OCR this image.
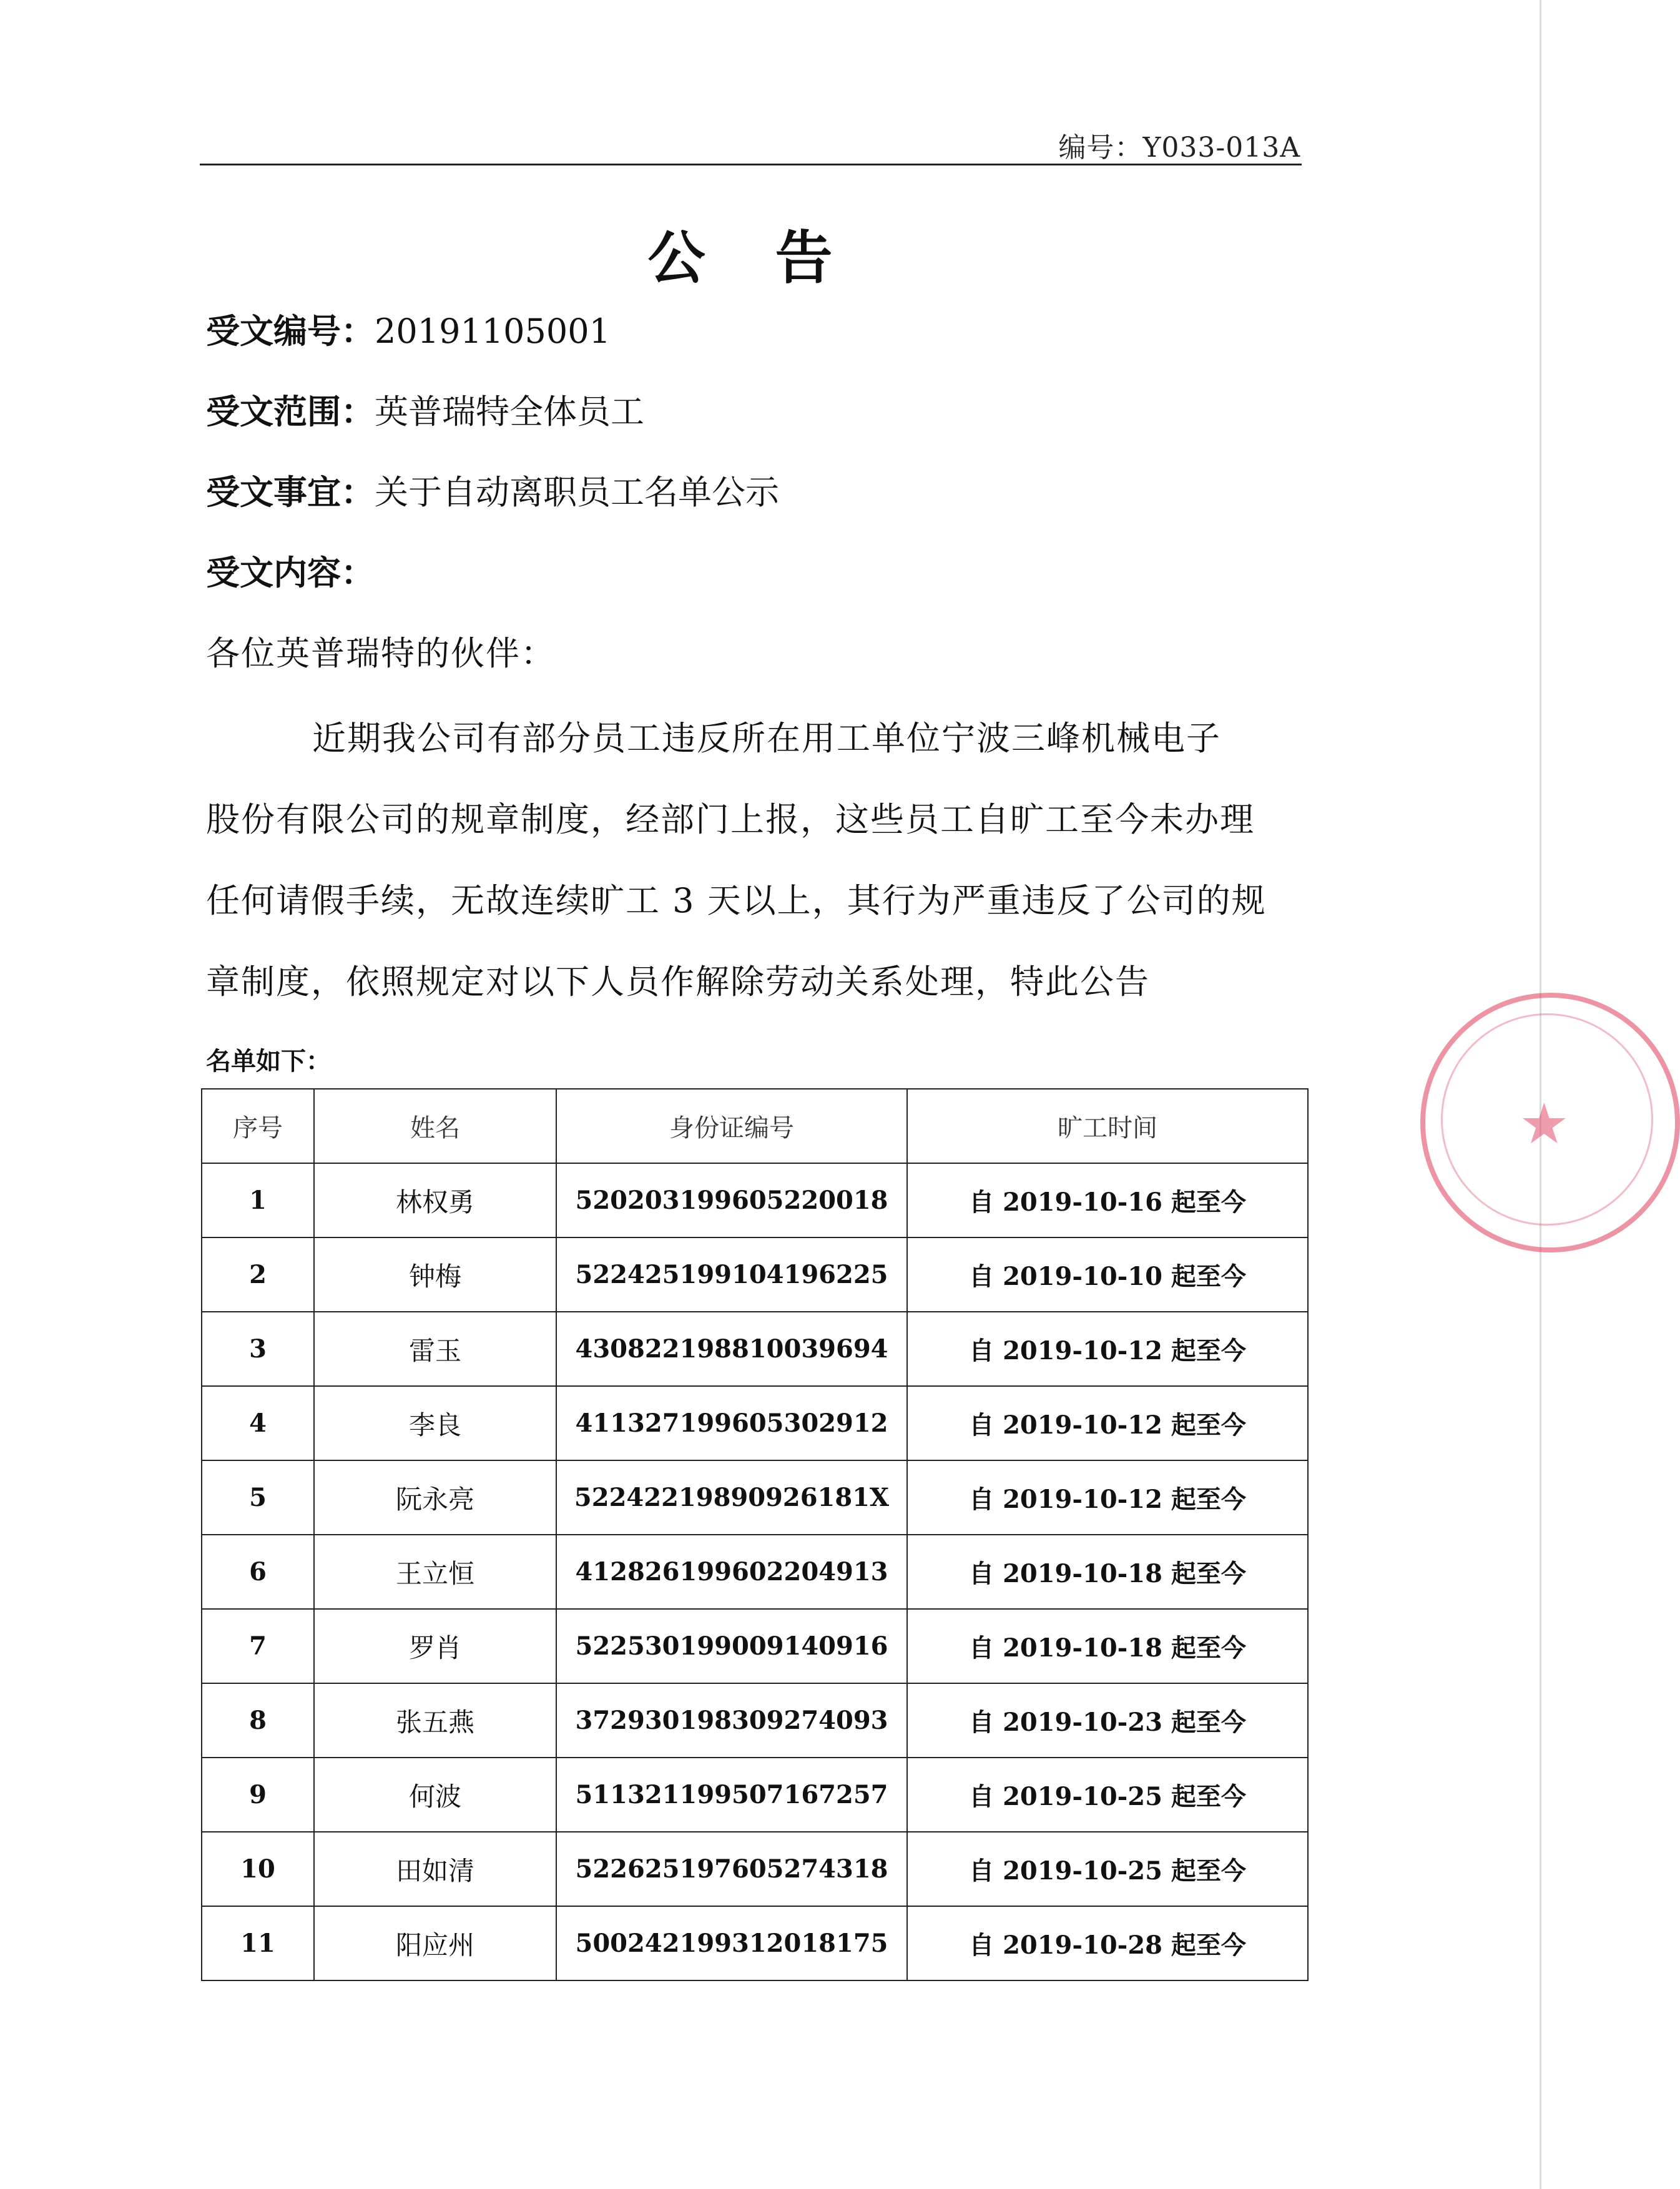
编号：Y033-013A
公 告
受文编号：20191105001
受文范围：英普瑞特全体员工
受文事宜：关于自动离职员工名单公示
受文内容：
各位英普瑞特的伙伴：
近期我公司有部分员工违反所在用工单位宁波三峰机械电子
股份有限公司的规章制度，经部门上报，这些员工自旷工至今未办理
任何请假手续，无故连续旷工 3 天以上，其行为严重违反了公司的规
章制度，依照规定对以下人员作解除劳动关系处理，特此公告
名单如下：
★
序号	姓名	身份证编号	旷工时间
1	林权勇	520203199605220018	自 2019-10-16 起至今
2	钟梅	522425199104196225	自 2019-10-10 起至今
3	雷玉	430822198810039694	自 2019-10-12 起至今
4	李良	411327199605302912	自 2019-10-12 起至今
5	阮永亮	52242219890926181X	自 2019-10-12 起至今
6	王立恒	412826199602204913	自 2019-10-18 起至今
7	罗肖	522530199009140916	自 2019-10-18 起至今
8	张五燕	372930198309274093	自 2019-10-23 起至今
9	何波	511321199507167257	自 2019-10-25 起至今
10	田如清	522625197605274318	自 2019-10-25 起至今
11	阳应州	500242199312018175	自 2019-10-28 起至今
